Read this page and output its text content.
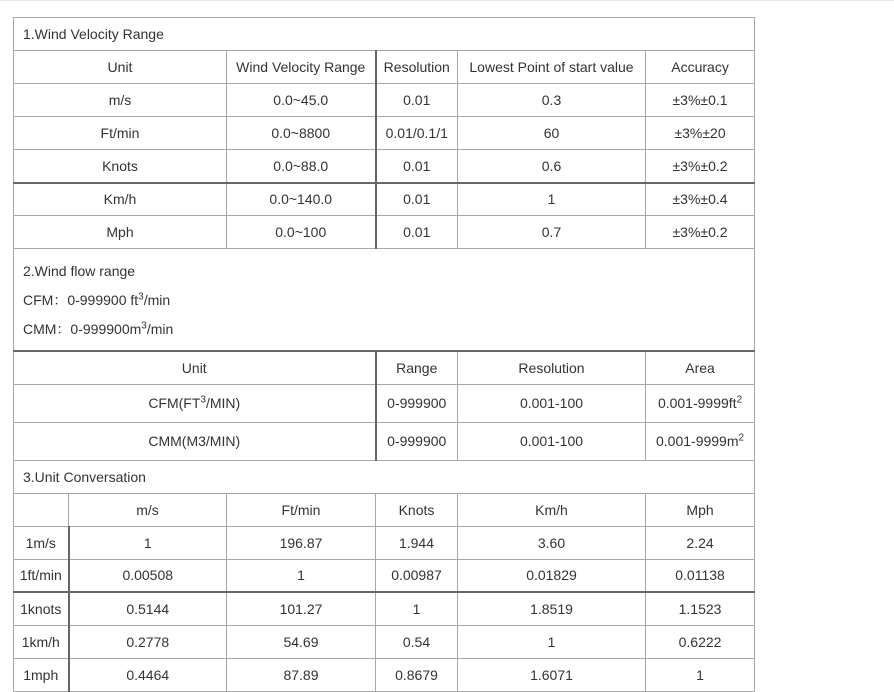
1.Wind Velocity Range					
Unit		Wind Velocity Range	Resolution	Lowest Point of start value	Accuracy
m/s		0.0~45.0	0.01	0.3	±3%±0.1
Ft/min		0.0~8800	0.01/0.1/1	60	±3%±20
Knots		0.0~88.0	0.01	0.6	±3%±0.2
Km/h		0.0~140.0	0.01	1	±3%±0.4
Mph		0.0~100	0.01	0.7	±3%±0.2

2.Wind flow range
CFM：0-999900 $ft^3/\min$
CMM：$0-999900m^3/\min$					

Unit			Range	Resolution	Area
$CFM(FT^3/MIN)$			0-999900	0.001-100	$0.001-9999ft^2$
CMM(M3/MIN)			0-999900	0.001-100	$0.001-9999m^2$
3.Unit Conversation					
	m/s	Ft/min	Knots	Km/h	Mph
1m/s	1	196.87	1.944	3.60	2.24
1ft/min	0.00508	1	0.00987	0.01829	0.01138
1knots	0.5144	101.27	1	1.8519	1.1523
1km/h	0.2778	54.69	0.54	1	0.6222
1mph	0.4464	87.89	0.8679	1.6071	1
